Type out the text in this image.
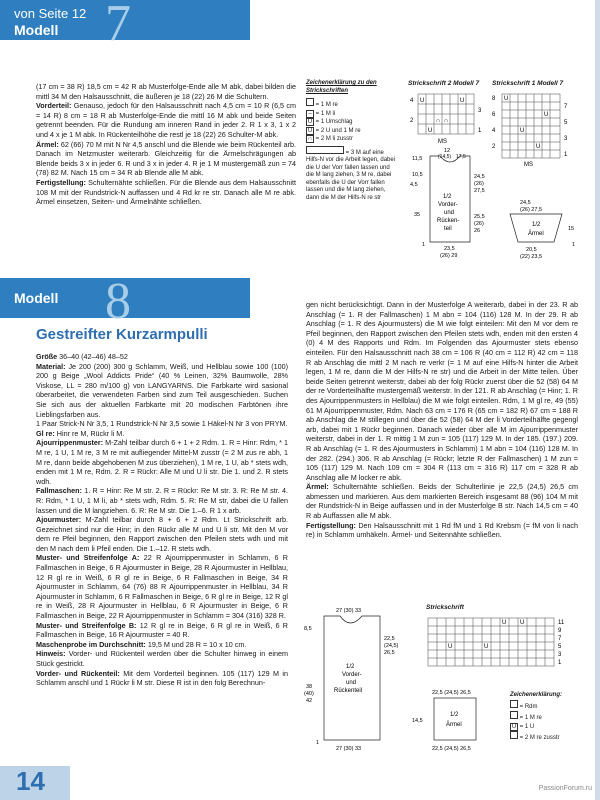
von Seite 12
Modell 7

(17 cm = 38 R) 18,5 cm = 42 R ab Musterfolge-Ende alle M abk, dabei bilden die mittl 34 M den Halsausschnitt, die äußeren je 18 (22) 26 M die Schultern.

Vorderteil: Genauso, jedoch für den Halsausschnitt nach 4,5 cm = 10 R (6,5 cm = 14 R) 8 cm = 18 R ab Musterfolge-Ende die mittl 16 M abk und beide Seiten getrennt beenden. Für die Rundung am inneren Rand in jeder 2. R 1 x 3, 1 x 2 und 4 x je 1 M abk. In Rückenteilhöhe die restl je 18 (22) 26 Schulter-M abk.

Ärmel: 62 (66) 70 M mit N Nr 4,5 anschl und die Blende wie beim Rückenteil arb. Danach im Netzmuster weiterarb. Gleichzeitig für die Ärmelschrägungen ab Blende beids 3 x in jeder 6. R und 3 x in jeder 4. R je 1 M mustergemäß zun = 74 (78) 82 M. Nach 15 cm = 34 R ab Blende alle M abk.

Fertigstellung: Schulternähte schließen. Für die Blende aus dem Halsausschnitt 108 M mit der Rundstrick-N auffassen und 4 Rd kr re str. Danach alle M re abk. Ärmel einsetzen, Seiten- und Ärmelnähte schließen.

Zeichenerklärung zu den Strickschriften
= 1 M re
– = 1 M li
U = 1 Umschlag
U = 2 U und 1 M re
∩ = 2 M li zusstr
= 3 M auf eine Hilfs-N vor die Arbeit legen, dabei die U der Vorr fallen lassen und die M lang ziehen, 3 M re, dabei ebenfalls die U der Vorr fallen lassen und die M lang ziehen, dann die M der Hilfs-N re str
Strickschrift 2 Modell 7
4
3
2
1
U	U
∩ ∩
U
MS
Strickschrift 1 Modell 7
8
7
6
5
4
3
2
1
U
U
U
U
MS
12
(14,5) 17,5
11,5
10,5
4,5
35
24,5
(26)
27,5
25,5
(26)
26
1/2
Vorder-
und
Rücken-
teil
23,5
(26) 29
1
24,5
(26) 27,5
15
1/2
Ärmel
20,5
(22) 23,5
1
Modell 8
Gestreifter Kurzarmpulli

Größe 36–40 (42–46) 48–52

Material: Je 200 (200) 300 g Schlamm, Weiß, und Hellblau sowie 100 (100) 200 g Beige „Wool Addicts Pride“ (40 % Leinen, 32% Baumwolle, 28% Viskose, LL = 280 m/100 g) von LANGYARNS. Die Farbkarte wird sasional überarbeitet, die verwendeten Farben sind zum Teil ausgeschieden. Suchen Sie sich aus der aktuellen Farbkarte mit 20 modischen Farbtönen ihre Lieblingsfarben aus.

1 Paar Strick-N Nr 3,5, 1 Rundstrick-N Nr 3,5 sowie 1 Häkel-N Nr 3 von PRYM.

Gl re: Hinr re M, Rückr li M.

Ajourrippenmuster: M-Zahl teilbar durch 6 + 1 + 2 Rdm. 1. R = Hinr: Rdm, * 1 M re, 1 U, 1 M re, 3 M re mit aufliegender Mittel-M zusstr (= 2 M zus re abh, 1 M re, dann beide abgehobenen M zus überziehen), 1 M re, 1 U, ab * stets wdh, enden mit 1 M re, Rdm. 2. R = Rückr: Alle M und U li str. Die 1. und 2. R stets wdh.

Fallmaschen: 1. R = Hinr: Re M str. 2. R = Rückr: Re M str. 3. R: Re M str. 4. R: Rdm, * 1 U, 1 M li, ab * stets wdh, Rdm. 5. R: Re M str, dabei die U fallen lassen und die M langziehen. 6. R: Re M str. Die 1.–6. R 1 x arb.

Ajourmuster: M-Zahl teilbar durch 8 + 6 + 2 Rdm. Lt Strickschrift arb. Gezeichnet sind nur die Hinr; in den Rückr alle M und U li str. Mit den M vor dem re Pfeil beginnen, den Rapport zwischen den Pfeilen stets wdh und mit den M nach dem li Pfeil enden. Die 1.–12. R stets wdh.

Muster- und Streifenfolge A: 22 R Ajourrippenmuster in Schlamm, 6 R Fallmaschen in Beige, 6 R Ajourmuster in Beige, 28 R Ajourmuster in Hellblau, 12 R gl re in Weiß, 6 R gl re in Beige, 6 R Fallmaschen in Beige, 34 R Ajourmuster in Schlamm, 64 (76) 88 R Ajourrippenmuster in Hellblau, 34 R Ajourmuster in Schlamm, 6 R Fallmaschen in Beige, 6 R gl re in Beige, 12 R gl re in Weiß, 28 R Ajourmuster in Hellblau, 6 R Ajourmuster in Beige, 6 R Fallmaschen in Beige, 22 R Ajourrippenmuster in Schlamm = 304 (316) 328 R.

Muster- und Streifenfolge B: 12 R gl re in Beige, 6 R gl re in Weiß, 6 R Fallmaschen in Beige, 16 R Ajourmuster = 40 R.

Maschenprobe im Durchschnitt: 19,5 M und 28 R = 10 x 10 cm.

Hinweis: Vorder- und Rückenteil werden über die Schulter hinweg in einem Stück gestrickt.

Vorder- und Rückenteil: Mit dem Vorderteil beginnen. 105 (117) 129 M in Schlamm anschl und 1 Rückr li M str. Diese R ist in den folg Berechnun-

gen nicht berücksichtigt. Dann in der Musterfolge A weiterarb, dabei in der 23. R ab Anschlag (= 1. R der Fallmaschen) 1 M abn = 104 (116) 128 M. In der 29. R ab Anschlag (= 1. R des Ajourmusters) die M wie folgt einteilen: Mit den M vor dem re Pfeil beginnen, den Rapport zwischen den Pfeilen stets wdh, enden mit den ersten 4 (0) 4 M des Rapports und Rdm. Im Folgenden das Ajourmuster stets ebenso einteilen. Für den Halsausschnitt nach 38 cm = 106 R (40 cm = 112 R) 42 cm = 118 R ab Anschlag die mittl 2 M nach re verkr (= 1 M auf eine Hilfs-N hinter die Arbeit legen, 1 M re, dann die M der Hilfs-N re str) und die Arbeit in der Mitte teilen. Über beide Seiten getrennt weiterstr, dabei ab der folg Rückr zuerst über die 52 (58) 64 M der re Vorderteilhälfte mustergemäß weiterstr. In der 121. R ab Anschlag (= Hinr; 1. R des Ajourrippenmusters in Hellblau) die M wie folgt einteilen. Rdm, 1 M gl re, 49 (55) 61 M Ajourrippenmuster, Rdm. Nach 63 cm = 176 R (65 cm = 182 R) 67 cm = 188 R ab Anschlag die M stillegen und über die 52 (58) 64 M der li Vorderteilhälfte gegengl arb, dabei mit 1 Rückr beginnen. Danach wieder über alle M im Ajourrippenmuster weiterstr, dabei in der 1. R mittig 1 M zun = 105 (117) 129 M. In der 185. (197.) 209. R ab Anschlag (= 1. R des Ajourmusters in Schlamm) 1 M abn = 104 (116) 128 M. In der 282. (294.) 306. R ab Anschlag (= Rückr; letzte R der Fallmaschen) 1 M zun = 105 (117) 129 M. Nach 109 cm = 304 R (113 cm = 316 R) 117 cm = 328 R ab Anschlag alle M locker re abk.

Ärmel: Schulternähte schließen. Beids der Schulterlinie je 22,5 (24,5) 26,5 cm abmessen und markieren. Aus dem markierten Bereich insgesamt 88 (96) 104 M mit der Rundstrick-N in Beige auffassen und in der Musterfolge B str. Nach 14,5 cm = 40 R ab Auffassen alle M abk.

Fertigstellung: Den Halsausschnitt mit 1 Rd fM und 1 Rd Krebsm (= fM von li nach re) in Schlamm umhäkeln. Ärmel- und Seitennähte schließen.

27 (30) 33
8,5
38
(40)
42
22,5
(24,5)
26,5
1/2
Vorder-
und
Rückenteil
27 (30) 33
1
22,5 (24,5) 26,5
14,5
1/2
Ärmel
22,5 (24,5) 26,5
Strickschrift
11
9
7
5
3
1
U U
U	U
Zeichenerklärung:
= Rdm
= 1 M re
U = 1 U
= 2 M re zusstr
14	PassionForum.ru
